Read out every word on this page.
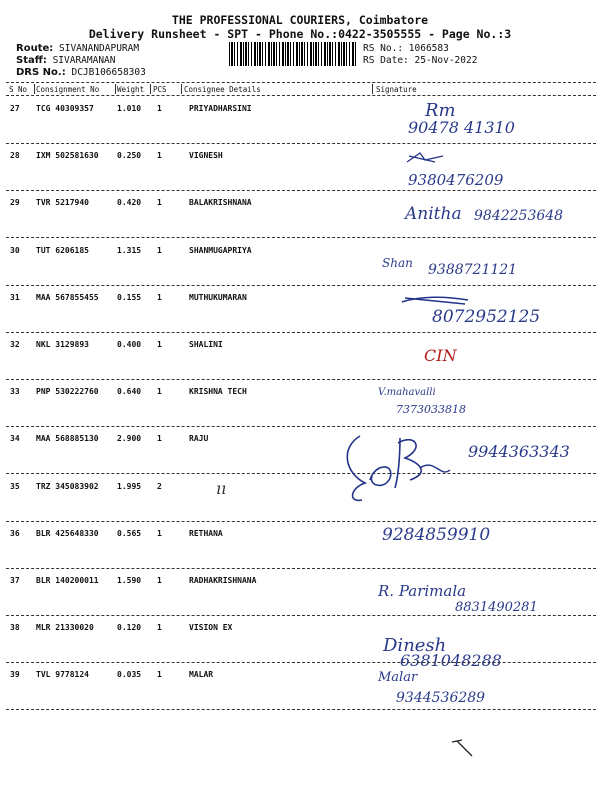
THE PROFESSIONAL COURIERS, Coimbatore
Delivery Runsheet - SPT - Phone No.:0422-3505555 - Page No.:3
Route: SIVANANDAPURAM
Staff: SIVARAMANAN
DRS No.: DCJB106658303
RS No.: 1066583
RS Date: 25-Nov-2022
S No Consignment No Weight PCS Consignee Details	Signature
27 TCG 40309357	1.010 1	PRIYADHARSINI	Rm
90478 41310
28 IXM 502581630 0.250 1	VIGNESH
9380476209
29 TVR 5217940	0.420 1	BALAKRISHNANA
Anitha 9842253648
30 TUT 6206185	1.315 1	SHANMUGAPRIYA
Shan 9388721121
31 MAA 567855455 0.155 1	MUTHUKUMARAN
8072952125
32 NKL 3129893	0.400 1	SHALINI
CIN
33 PNP 530222760 0.640 1	KRISHNA TECH	V.mahavalli
7373033818
34 MAA 568885130 2.900 1	RAJU
9944363343
35 TRZ 345083902 1.995 2
36 BLR 425648330 0.565 1	RETHANA	9284859910
37 BLR 140200011 1.590 1	RADHAKRISHNANA
R. Parimala
8831490281
38 MLR 21330020	0.120 1	VISION EX
Dinesh
6381048288
39 TVL 9778124	0.035 1	MALAR	Malar
9344536289
ıı
